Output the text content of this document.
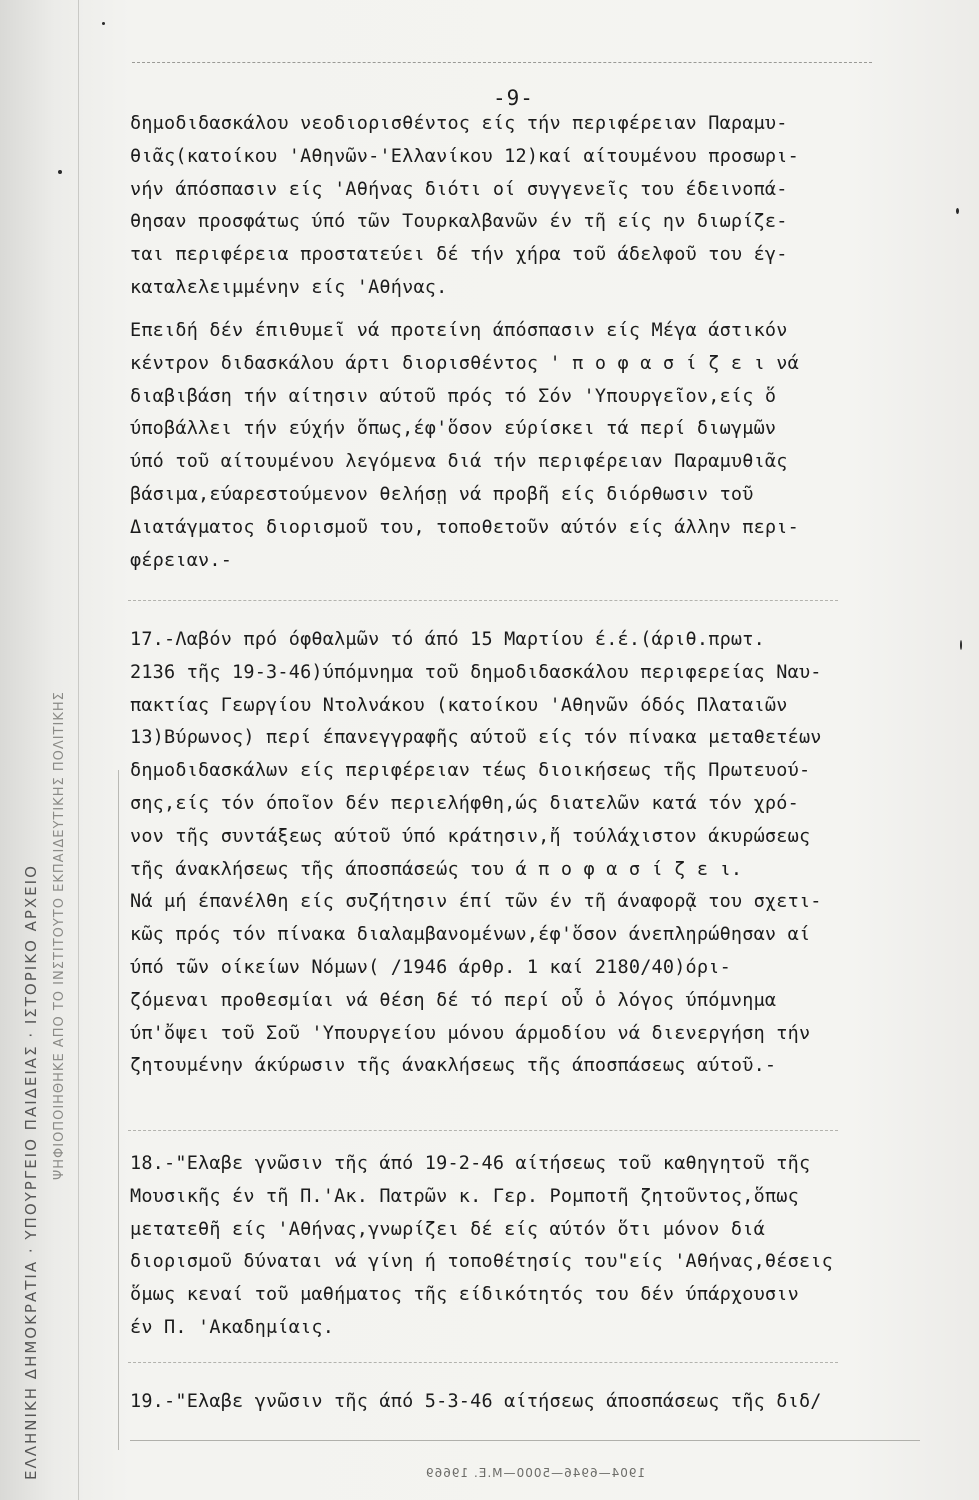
ΕΛΛΗΝΙΚΗ ΔΗΜΟΚΡΑΤΙΑ · ΥΠΟΥΡΓΕΙΟ ΠΑΙΔΕΙΑΣ · ΙΣΤΟΡΙΚΟ ΑΡΧΕΙΟ ΨΗΦΙΟΠΟΙΗΘΗΚΕ ΑΠΟ ΤΟ ΙΝΣΤΙΤΟΥΤΟ ΕΚΠΑΙΔΕΥΤΙΚΗΣ ΠΟΛΙΤΙΚΗΣ
-9-
δημοδιδασκάλου νεοδιορισθέντος είς τήν περιφέρειαν Παραμυ-
θιᾶς(κατοίκου 'Αθηνῶν-'Ελλανίκου 12)καί αίτουμένου προσωρι-
νήν άπόσπασιν είς 'Αθήνας διότι οί συγγενεῖς του έδεινοπά-
θησαν προσφάτως ύπό τῶν Τουρκαλβανῶν έν τῆ είς ην διωρίζε-
ται περιφέρεια προστατεύει δέ τήν χήρα τοῦ άδελφοῦ του έγ-
καταλελειμμένην είς 'Αθήνας.
Επειδή δέν έπιθυμεῖ νά προτείνη άπόσπασιν είς Μέγα άστικόν
κέντρον διδασκάλου άρτι διορισθέντος ' π ο φ α σ ί ζ ε ι νά
διαβιβάση τήν αίτησιν αύτοῦ πρός τό Σόν 'Υπουργεῖον,είς ὅ
ύποβάλλει τήν εύχήν ὅπως,έφ'ὅσον εύρίσκει τά περί διωγμῶν
ύπό τοῦ αίτουμένου λεγόμενα διά τήν περιφέρειαν Παραμυθιᾶς
βάσιμα,εύαρεστούμενον θελήσῃ νά προβῆ είς διόρθωσιν τοῦ
Διατάγματος διορισμοῦ του, τοποθετοῦν αύτόν είς άλλην περι-
φέρειαν.-
17.-Λαβόν πρό όφθαλμῶν τό άπό 15 Μαρτίου έ.έ.(άριθ.πρωτ.
2136 τῆς 19-3-46)ύπόμνημα τοῦ δημοδιδασκάλου περιφερείας Ναυ-
πακτίας Γεωργίου Ντολνάκου (κατοίκου 'Αθηνῶν όδός Πλαταιῶν
13)Βύρωνος) περί έπανεγγραφῆς αύτοῦ είς τόν πίνακα μεταθετέων
δημοδιδασκάλων είς περιφέρειαν τέως διοικήσεως τῆς Πρωτευού-
σης,είς τόν όποῖον δέν περιελήφθη,ώς διατελῶν κατά τόν χρό-
νον τῆς συντάξεως αύτοῦ ύπό κράτησιν,ἤ τούλάχιστον άκυρώσεως
τῆς άνακλήσεως τῆς άποσπάσεώς του ά π ο φ α σ ί ζ ε ι.
Νά μή έπανέλθη είς συζήτησιν έπί τῶν έν τῆ άναφορᾷ του σχετι-
κῶς πρός τόν πίνακα διαλαμβανομένων,έφ'ὅσον άνεπληρώθησαν αί
ύπό τῶν οίκείων Νόμων( /1946 άρθρ. 1 καί 2180/40)όρι-
ζόμεναι προθεσμίαι νά θέση δέ τό περί οὗ ὁ λόγος ύπόμνημα
ύπ'ὄψει τοῦ Σοῦ 'Υπουργείου μόνου άρμοδίου νά διενεργήση τήν
ζητουμένην άκύρωσιν τῆς άνακλήσεως τῆς άποσπάσεως αύτοῦ.-
18.-"Ελαβε γνῶσιν τῆς άπό 19-2-46 αίτήσεως τοῦ καθηγητοῦ τῆς
Μουσικῆς έν τῆ Π.'Ακ. Πατρῶν κ. Γερ. Ρομποτῆ ζητοῦντος,ὅπως
μετατεθῆ είς 'Αθήνας,γνωρίζει δέ είς αύτόν ὅτι μόνον διά
διορισμοῦ δύναται νά γίνη ή τοποθέτησίς του"είς 'Αθήνας,θέσεις
ὅμως κεναί τοῦ μαθήματος τῆς είδικότητός του δέν ύπάρχουσιν
έν Π. 'Ακαδημίαις.
19.-"Ελαβε γνῶσιν τῆς άπό 5-3-46 αίτήσεως άποσπάσεως τῆς διδ/
1904—6946—5000—Μ.Ε. 19669
